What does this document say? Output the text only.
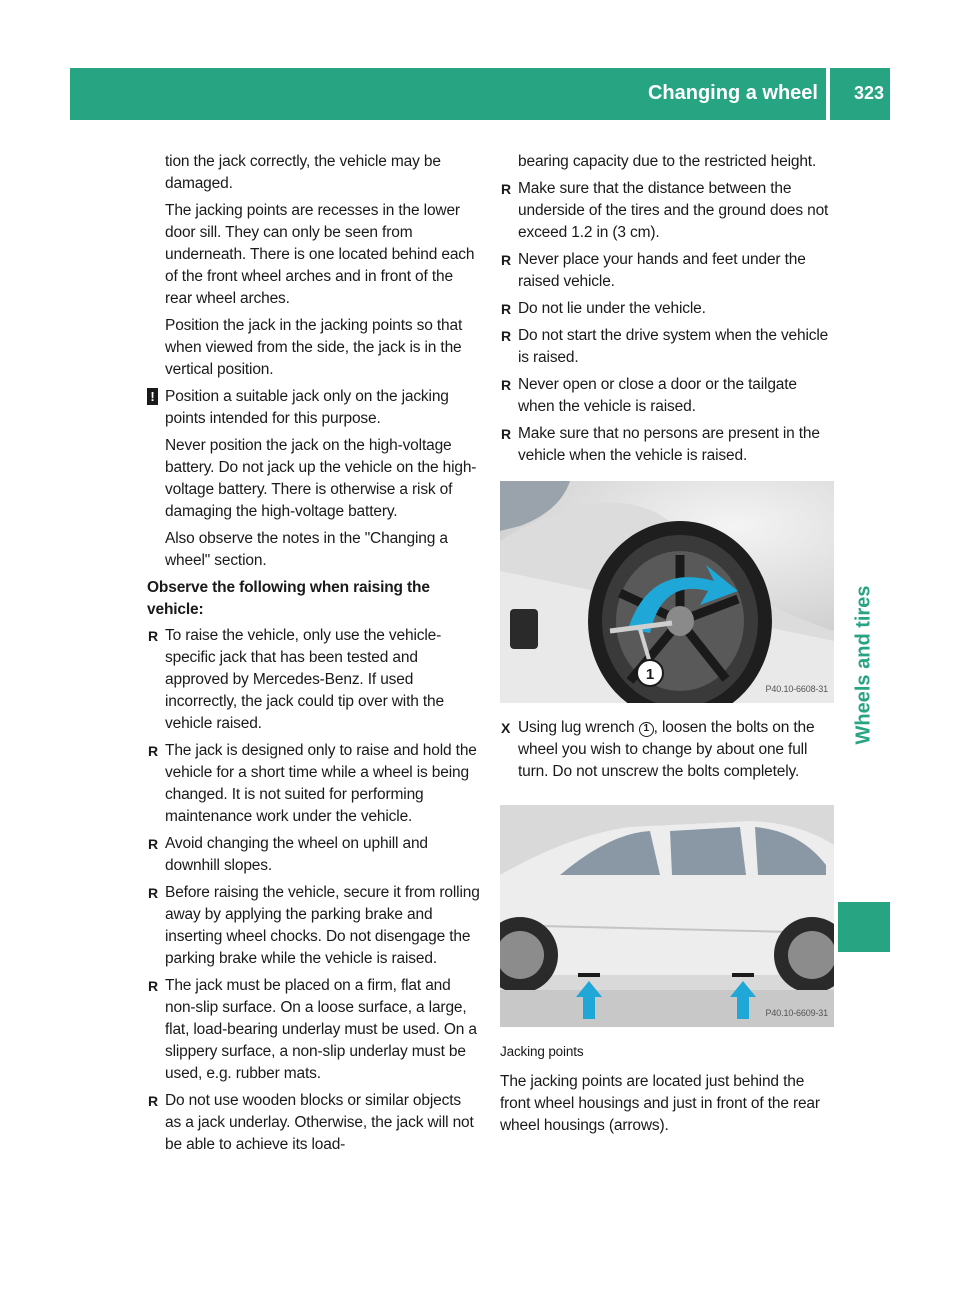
Changing a wheel 323
Wheels and tires

tion the jack correctly, the vehicle may be damaged.

The jacking points are recesses in the lower door sill. They can only be seen from underneath. There is one located behind each of the front wheel arches and in front of the rear wheel arches.

Position the jack in the jacking points so that when viewed from the side, the jack is in the vertical position.

! Position a suitable jack only on the jacking points intended for this purpose.

Never position the jack on the high-voltage battery. Do not jack up the vehicle on the high-voltage battery. There is otherwise a risk of damaging the high-voltage battery.

Also observe the notes in the "Changing a wheel" section.

Observe the following when raising the vehicle:

R To raise the vehicle, only use the vehicle-specific jack that has been tested and approved by Mercedes-Benz. If used incorrectly, the jack could tip over with the vehicle raised.
R The jack is designed only to raise and hold the vehicle for a short time while a wheel is being changed. It is not suited for performing maintenance work under the vehicle.
R Avoid changing the wheel on uphill and downhill slopes.
R Before raising the vehicle, secure it from rolling away by applying the parking brake and inserting wheel chocks. Do not disengage the parking brake while the vehicle is raised.
R The jack must be placed on a firm, flat and non-slip surface. On a loose surface, a large, flat, load-bearing underlay must be used. On a slippery surface, a non-slip underlay must be used, e.g. rubber mats.
R Do not use wooden blocks or similar objects as a jack underlay. Otherwise, the jack will not be able to achieve its load-

bearing capacity due to the restricted height.

R Make sure that the distance between the underside of the tires and the ground does not exceed 1.2 in (3 cm).
R Never place your hands and feet under the raised vehicle.
R Do not lie under the vehicle.
R Do not start the drive system when the vehicle is raised.
R Never open or close a door or the tailgate when the vehicle is raised.
R Make sure that no persons are present in the vehicle when the vehicle is raised.
1
P40.10-6608-31
X Using lug wrench 1 , loosen the bolts on the wheel you wish to change by about one full turn. Do not unscrew the bolts completely.
P40.10-6609-31

Jacking points

The jacking points are located just behind the front wheel housings and just in front of the rear wheel housings (arrows).
